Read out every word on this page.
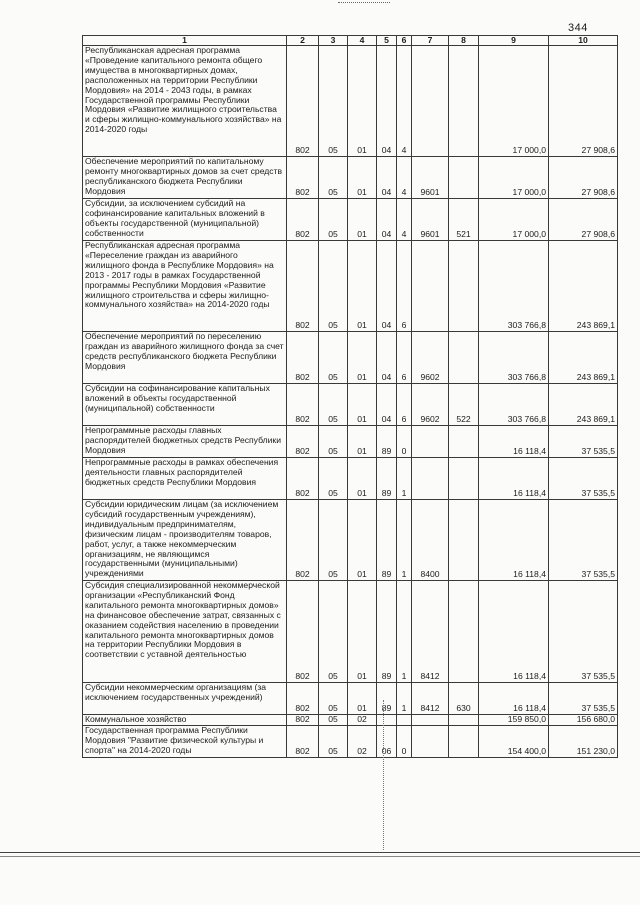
344
1	2	3	4	5	6	7	8	9	10
Республиканская адресная программа «Проведение капитального ремонта общего имущества в многоквартирных домах, расположенных на территории Республики Мордовия» на 2014 - 2043 годы, в рамках Государственной программы Республики Мордовия «Развитие жилищного строительства и сферы жилищно-коммунального хозяйства» на 2014-2020 годы	802	05	01	04	4			17 000,0	27 908,6
Обеспечение мероприятий по капитальному ремонту многоквартирных домов за счет средств республиканского бюджета Республики Мордовия	802	05	01	04	4	9601		17 000,0	27 908,6
Субсидии, за исключением субсидий на софинансирование капитальных вложений в объекты государственной (муниципальной) собственности	802	05	01	04	4	9601	521	17 000,0	27 908,6
Республиканская адресная программа «Переселение граждан из аварийного жилищного фонда в Республике Мордовия» на 2013 - 2017 годы в рамках Государственной программы Республики Мордовия «Развитие жилищного строительства и сферы жилищно-коммунального хозяйства» на 2014-2020 годы	802	05	01	04	6			303 766,8	243 869,1
Обеспечение мероприятий по переселению граждан из аварийного жилищного фонда за счет средств республиканского бюджета Республики Мордовия	802	05	01	04	6	9602		303 766,8	243 869,1
Субсидии на софинансирование капитальных вложений в объекты государственной (муниципальной) собственности	802	05	01	04	6	9602	522	303 766,8	243 869,1
Непрограммные расходы главных распорядителей бюджетных средств Республики Мордовия	802	05	01	89	0			16 118,4	37 535,5
Непрограммные расходы в рамках обеспечения деятельности главных распорядителей бюджетных средств Республики Мордовия	802	05	01	89	1			16 118,4	37 535,5
Субсидии юридическим лицам (за исключением субсидий государственным учреждениям), индивидуальным предпринимателям, физическим лицам - производителям товаров, работ, услуг, а также некоммерческим организациям, не являющимся государственными (муниципальными) учреждениями	802	05	01	89	1	8400		16 118,4	37 535,5
Субсидия специализированной некоммерческой организации «Республиканский Фонд капитального ремонта многоквартирных домов» на финансовое обеспечение затрат, связанных с оказанием содействия населению в проведении капитального ремонта многоквартирных домов на территории Республики Мордовия в соответствии с уставной деятельностью	802	05	01	89	1	8412		16 118,4	37 535,5
Субсидии некоммерческим организациям (за исключением государственных учреждений)	802	05	01	89	1	8412	630	16 118,4	37 535,5
Коммунальное хозяйство	802	05	02					159 850,0	156 680,0
Государственная программа Республики Мордовия "Развитие физической культуры и спорта" на 2014-2020 годы	802	05	02	06	0			154 400,0	151 230,0
